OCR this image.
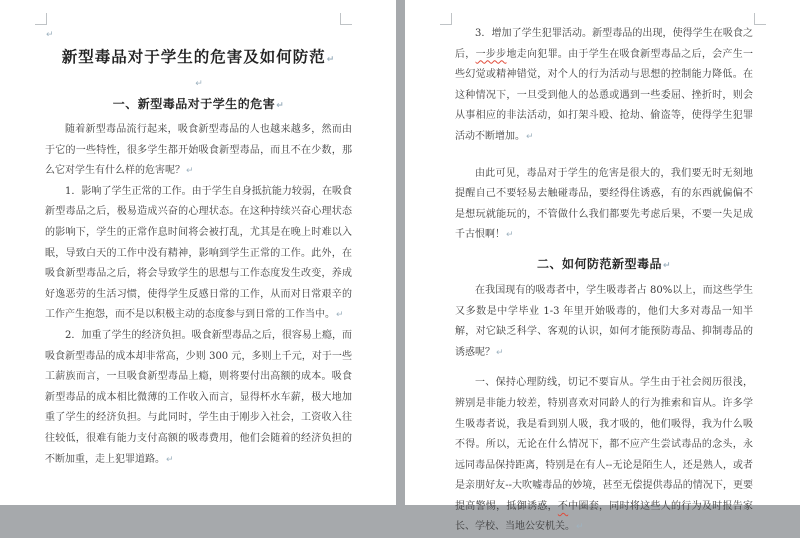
↵
新型毒品对于学生的危害及如何防范↵
↵
一、新型毒品对于学生的危害↵

随着新型毒品流行起来，吸食新型毒品的人也越来越多，然而由于它的一些特性，很多学生都开始吸食新型毒品，而且不在少数，那么它对学生有什么样的危害呢？↵

1．影响了学生正常的工作。由于学生自身抵抗能力较弱，在吸食新型毒品之后，极易造成兴奋的心理状态。在这种持续兴奋心理状态的影响下，学生的正常作息时间将会被打乱，尤其是在晚上时难以入眠，导致白天的工作中没有精神，影响到学生正常的工作。此外，在吸食新型毒品之后，将会导致学生的思想与工作态度发生改变，养成好逸恶劳的生活习惯，使得学生反感日常的工作，从而对日常艰辛的工作产生抱怨，而不是以积极主动的态度参与到日常的工作当中。↵

2．加重了学生的经济负担。吸食新型毒品之后，很容易上瘾，而吸食新型毒品的成本却非常高，少则 300 元，多则上千元，对于一些工薪族而言，一旦吸食新型毒品上瘾，则将要付出高额的成本。吸食新型毒品的成本相比微薄的工作收入而言，显得杯水车薪，极大地加重了学生的经济负担。与此同时，学生由于刚步入社会，工资收入往往较低，很难有能力支付高额的吸毒费用，他们会随着的经济负担的不断加重，走上犯罪道路。↵

3．增加了学生犯罪活动。新型毒品的出现，使得学生在吸食之后，一步步地走向犯罪。由于学生在吸食新型毒品之后，会产生一些幻觉或精神错觉，对个人的行为活动与思想的控制能力降低。在这种情况下，一旦受到他人的怂恿或遇到一些委屈、挫折时，则会从事相应的非法活动，如打架斗殴、抢劫、偷盗等，使得学生犯罪活动不断增加。↵

由此可见，毒品对于学生的危害是很大的，我们要无时无刻地提醒自己不要轻易去触碰毒品，要经得住诱惑，有的东西就偏偏不是想玩就能玩的，不管做什么我们都要先考虑后果，不要一失足成千古恨啊！↵

二、如何防范新型毒品↵

在我国现有的吸毒者中，学生吸毒者占 80%以上，而这些学生又多数是中学毕业 1-3 年里开始吸毒的，他们大多对毒品一知半解，对它缺乏科学、客观的认识，如何才能预防毒品、抑制毒品的诱惑呢？↵

一、保持心理防线，切记不要盲从。学生由于社会阅历很浅，辨别是非能力较差，特别喜欢对同龄人的行为推索和盲从。许多学生吸毒者说，我是看到别人吸，我才吸的，他们吸得，我为什么吸不得。所以，无论在什么情况下，都不应产生尝试毒品的念头，永远同毒品保持距离，特别是在有人--无论是陌生人，还是熟人，或者是亲朋好友--大吹嘘毒品的妙境，甚至无偿提供毒品的情况下，更要提高警惕，抵御诱惑，不中圈套，同时将这些人的行为及时报告家长、学校、当地公安机关。↵
